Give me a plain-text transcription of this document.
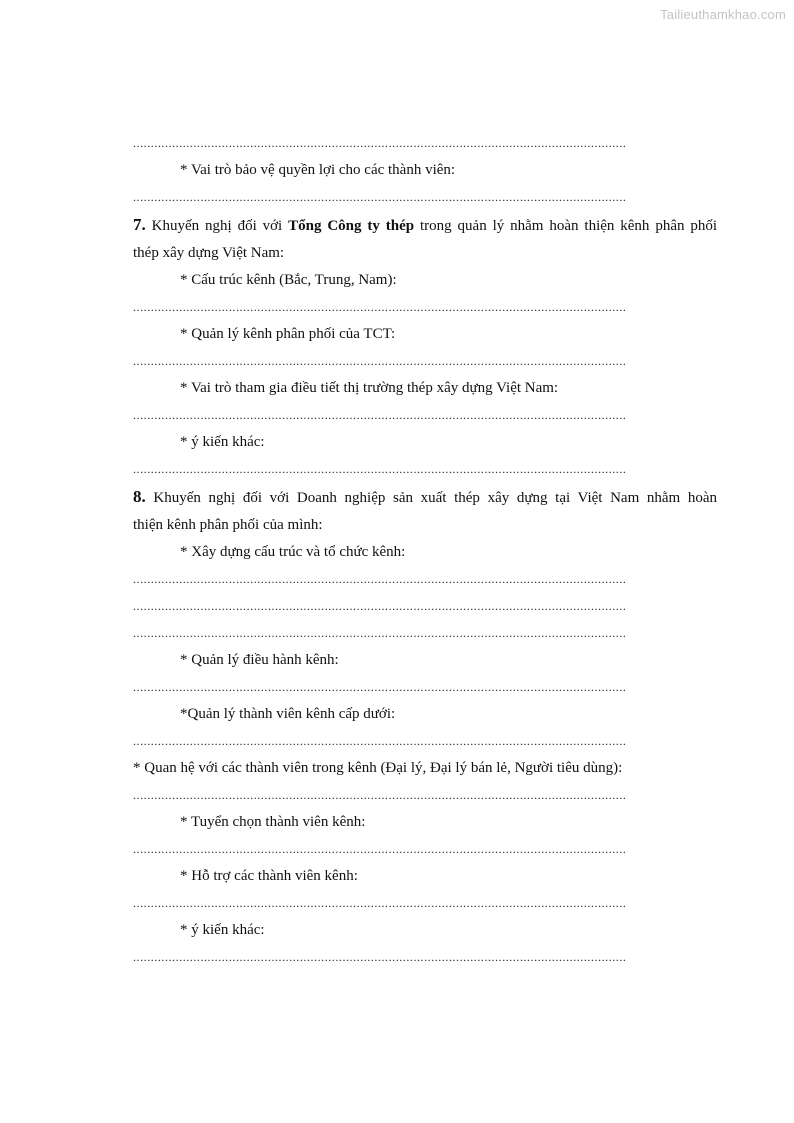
Tailieuthamkhao.com
...........................................................................................................................................
* Vai trò bảo vệ quyền lợi cho các thành viên:
...........................................................................................................................................
7. Khuyến nghị đối với Tổng Công ty thép trong quản lý nhằm hoàn thiện kênh phân phối
thép xây dựng Việt Nam:
* Cấu trúc kênh (Bắc, Trung, Nam):
...........................................................................................................................................
* Quản lý kênh phân phối của TCT:
...........................................................................................................................................
* Vai trò tham gia điều tiết thị trường thép xây dựng Việt Nam:
...........................................................................................................................................
* ý kiến khác:
...........................................................................................................................................
8. Khuyến nghị đối với Doanh nghiệp sản xuất thép xây dựng tại Việt Nam nhằm hoàn
thiện kênh phân phối của mình:
* Xây dựng cấu trúc và tổ chức kênh:
...........................................................................................................................................
...........................................................................................................................................
...........................................................................................................................................
* Quản lý điều hành kênh:
...........................................................................................................................................
*Quản lý thành viên kênh cấp dưới:
...........................................................................................................................................
* Quan hệ với các thành viên trong kênh (Đại lý, Đại lý bán lẻ, Người tiêu dùng):
...........................................................................................................................................
* Tuyển chọn thành viên kênh:
...........................................................................................................................................
* Hỗ trợ các thành viên kênh:
...........................................................................................................................................
* ý kiến khác:
...........................................................................................................................................
